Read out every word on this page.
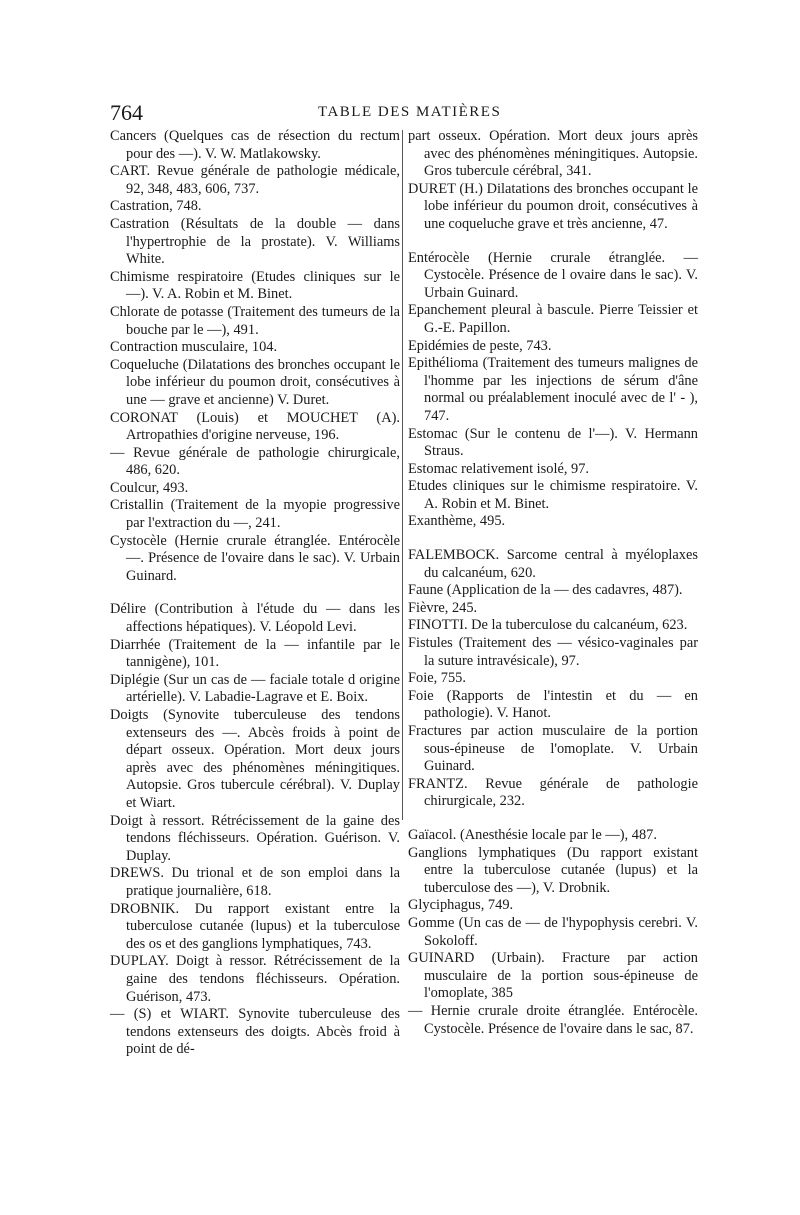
764	TABLE DES MATIÈRES
Cancers (Quelques cas de résection du rectum pour des —). V. W. Matlakowsky.
CART. Revue générale de pathologie médicale, 92, 348, 483, 606, 737.
Castration, 748.
Castration (Résultats de la double — dans l'hypertrophie de la prostate). V. Williams White.
Chimisme respiratoire (Etudes cliniques sur le —). V. A. Robin et M. Binet.
Chlorate de potasse (Traitement des tumeurs de la bouche par le —), 491.
Contraction musculaire, 104.
Coqueluche (Dilatations des bronches occupant le lobe inférieur du poumon droit, consécutives à une — grave et ancienne) V. Duret.
CORONAT (Louis) et MOUCHET (A). Artropathies d'origine nerveuse, 196.
— Revue générale de pathologie chirurgicale, 486, 620.
Coulcur, 493.
Cristallin (Traitement de la myopie progressive par l'extraction du —, 241.
Cystocèle (Hernie crurale étranglée. Entérocèle —. Présence de l'ovaire dans le sac). V. Urbain Guinard.
Délire (Contribution à l'étude du — dans les affections hépatiques). V. Léopold Levi.
Diarrhée (Traitement de la — infantile par le tannigène), 101.
Diplégie (Sur un cas de — faciale totale d origine artérielle). V. Labadie-Lagrave et E. Boix.
Doigts (Synovite tuberculeuse des tendons extenseurs des —. Abcès froids à point de départ osseux. Opération. Mort deux jours après avec des phénomènes méningitiques. Autopsie. Gros tubercule cérébral). V. Duplay et Wiart.
Doigt à ressort. Rétrécissement de la gaine des tendons fléchisseurs. Opération. Guérison. V. Duplay.
DREWS. Du trional et de son emploi dans la pratique journalière, 618.
DROBNIK. Du rapport existant entre la tuberculose cutanée (lupus) et la tuberculose des os et des ganglions lymphatiques, 743.
DUPLAY. Doigt à ressor. Rétrécissement de la gaine des tendons fléchisseurs. Opération. Guérison, 473.
— (S) et WIART. Synovite tuberculeuse des tendons extenseurs des doigts. Abcès froid à point de dé-
part osseux. Opération. Mort deux jours après avec des phénomènes méningitiques. Autopsie. Gros tubercule cérébral, 341.
DURET (H.) Dilatations des bronches occupant le lobe inférieur du poumon droit, consécutives à une coqueluche grave et très ancienne, 47.
Entérocèle (Hernie crurale étranglée. — Cystocèle. Présence de l ovaire dans le sac). V. Urbain Guinard.
Epanchement pleural à bascule. Pierre Teissier et G.-E. Papillon.
Epidémies de peste, 743.
Epithélioma (Traitement des tumeurs malignes de l'homme par les injections de sérum d'âne normal ou préalablement inoculé avec de l' - ), 747.
Estomac (Sur le contenu de l'—). V. Hermann Straus.
Estomac relativement isolé, 97.
Etudes cliniques sur le chimisme respiratoire. V. A. Robin et M. Binet.
Exanthème, 495.
FALEMBOCK. Sarcome central à myéloplaxes du calcanéum, 620.
Faune (Application de la — des cadavres, 487).
Fièvre, 245.
FINOTTI. De la tuberculose du calcanéum, 623.
Fistules (Traitement des — vésico-vaginales par la suture intravésicale), 97.
Foie, 755.
Foie (Rapports de l'intestin et du — en pathologie). V. Hanot.
Fractures par action musculaire de la portion sous-épineuse de l'omoplate. V. Urbain Guinard.
FRANTZ. Revue générale de pathologie chirurgicale, 232.
Gaïacol. (Anesthésie locale par le —), 487.
Ganglions lymphatiques (Du rapport existant entre la tuberculose cutanée (lupus) et la tuberculose des —), V. Drobnik.
Glyciphagus, 749.
Gomme (Un cas de — de l'hypophysis cerebri. V. Sokoloff.
GUINARD (Urbain). Fracture par action musculaire de la portion sous-épineuse de l'omoplate, 385
— Hernie crurale droite étranglée. Entérocèle. Cystocèle. Présence de l'ovaire dans le sac, 87.
